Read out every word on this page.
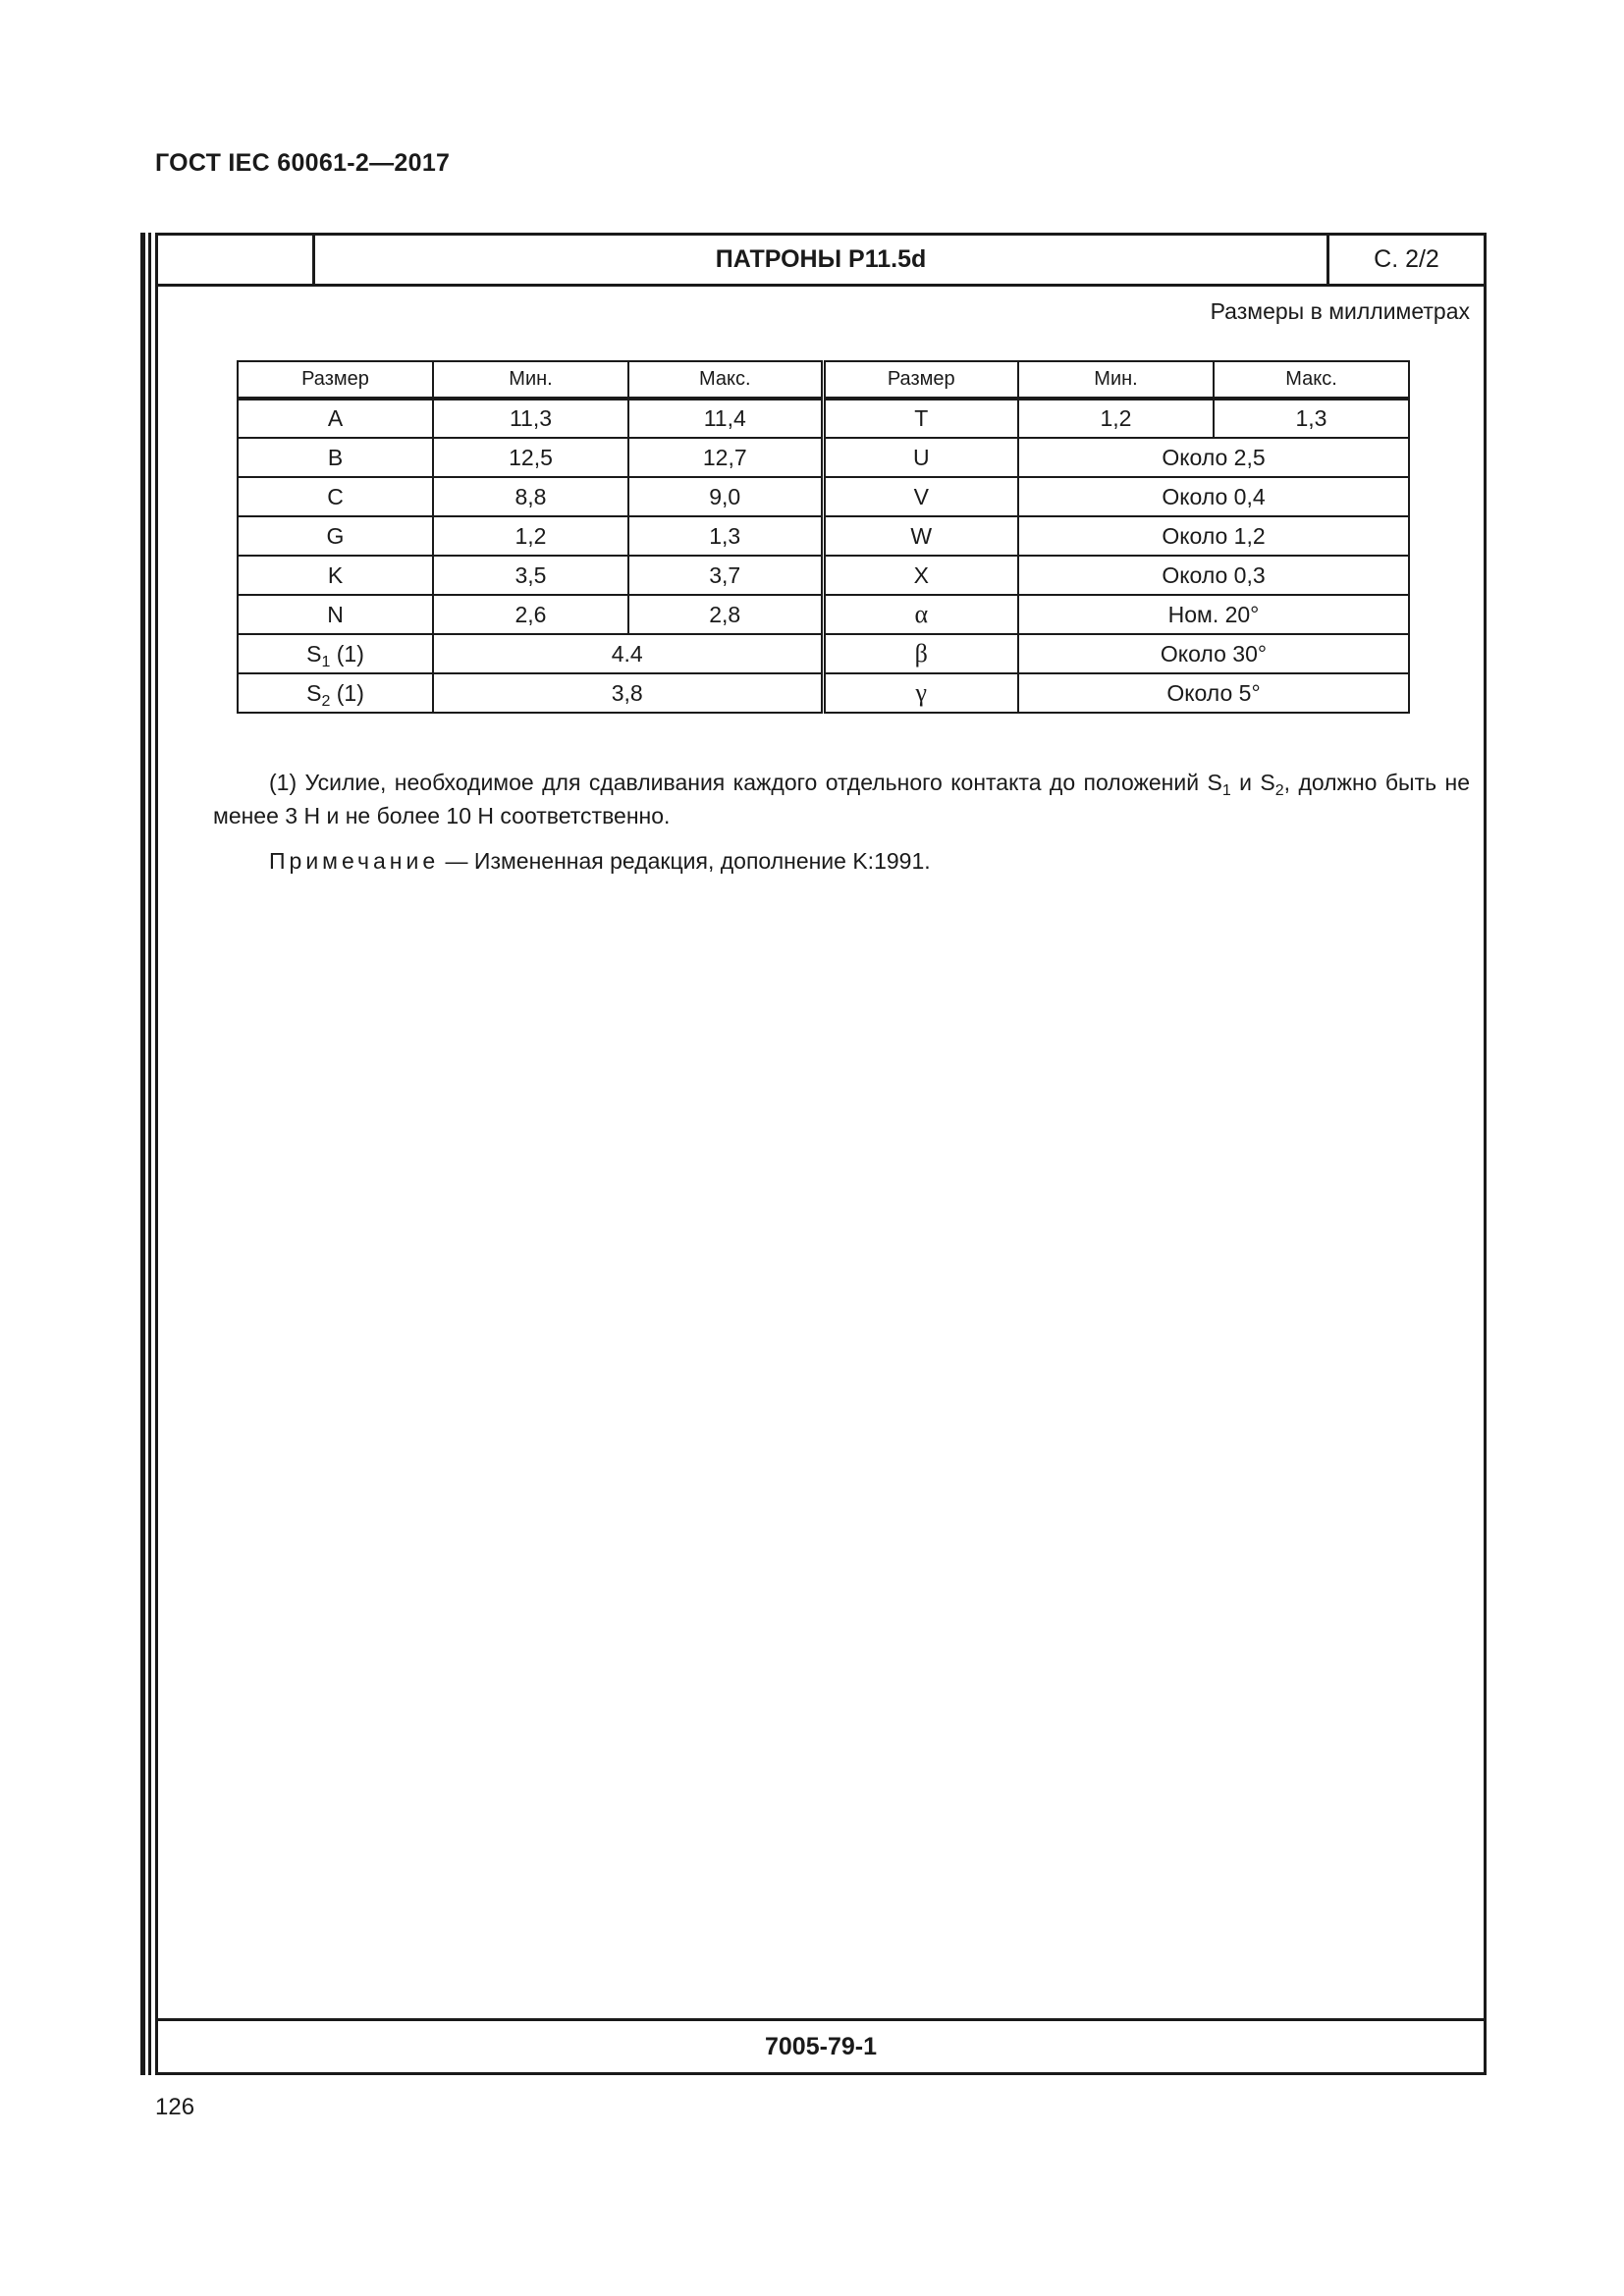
ГОСТ IEC 60061-2—2017
ПАТРОНЫ P11.5d	С. 2/2
Размеры в миллиметрах
Размер	Мин.	Макс.	Размер	Мин.	Макс.
A	11,3	11,4	T	1,2	1,3
B	12,5	12,7	U	Около 2,5	
C	8,8	9,0	V	Около 0,4	
G	1,2	1,3	W	Около 1,2	
K	3,5	3,7	X	Около 0,3	
N	2,6	2,8	α	Ном. 20°	
$S_1$ (1)	4.4		β	Около 30°	
$S_2$ (1)	3,8		γ	Около 5°	

(1) Усилие, необходимое для сдавливания каждого отдельного контакта до положений $S_1$ и $S_2$, должно быть не менее 3 Н и не более 10 Н соответственно.

Примечание — Измененная редакция, дополнение K:1991.

7005-79-1
126
